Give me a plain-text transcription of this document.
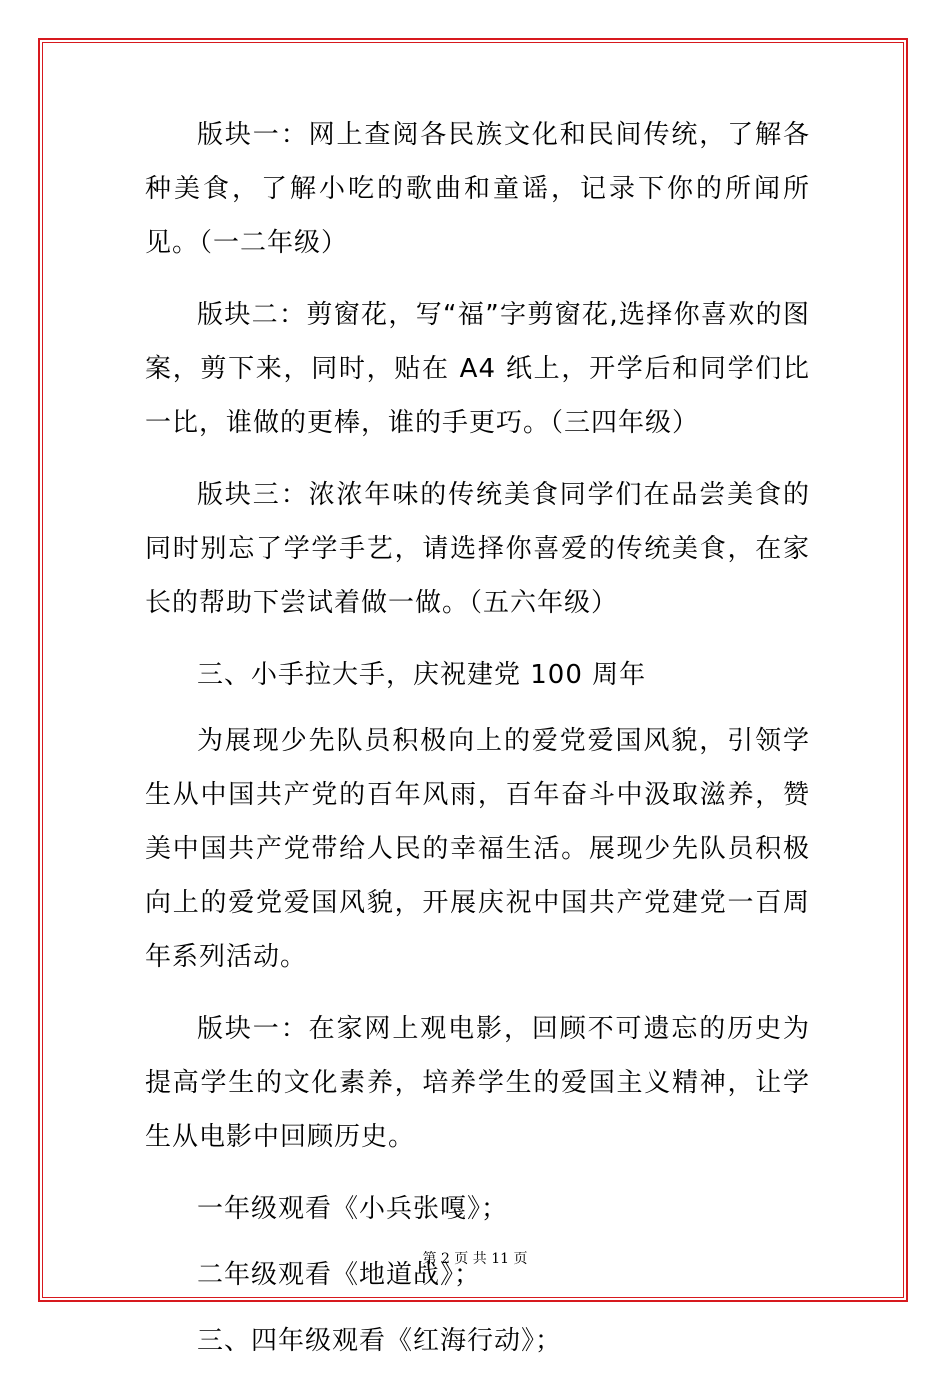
版块一：网上查阅各民族文化和民间传统，了解各种美食，了解小吃的歌曲和童谣，记录下你的所闻所见。（一二年级）

版块二：剪窗花，写“福”字剪窗花,选择你喜欢的图案，剪下来，同时，贴在 A4 纸上，开学后和同学们比一比，谁做的更棒，谁的手更巧。（三四年级）

版块三：浓浓年味的传统美食同学们在品尝美食的同时别忘了学学手艺，请选择你喜爱的传统美食，在家长的帮助下尝试着做一做。（五六年级）

三、小手拉大手，庆祝建党 100 周年

为展现少先队员积极向上的爱党爱国风貌，引领学生从中国共产党的百年风雨，百年奋斗中汲取滋养，赞美中国共产党带给人民的幸福生活。展现少先队员积极向上的爱党爱国风貌，开展庆祝中国共产党建党一百周年系列活动。

版块一：在家网上观电影，回顾不可遗忘的历史为提高学生的文化素养，培养学生的爱国主义精神，让学生从电影中回顾历史。

一年级观看《小兵张嘎》；

二年级观看《地道战》；

三、四年级观看《红海行动》；

第 2 页 共 11 页
